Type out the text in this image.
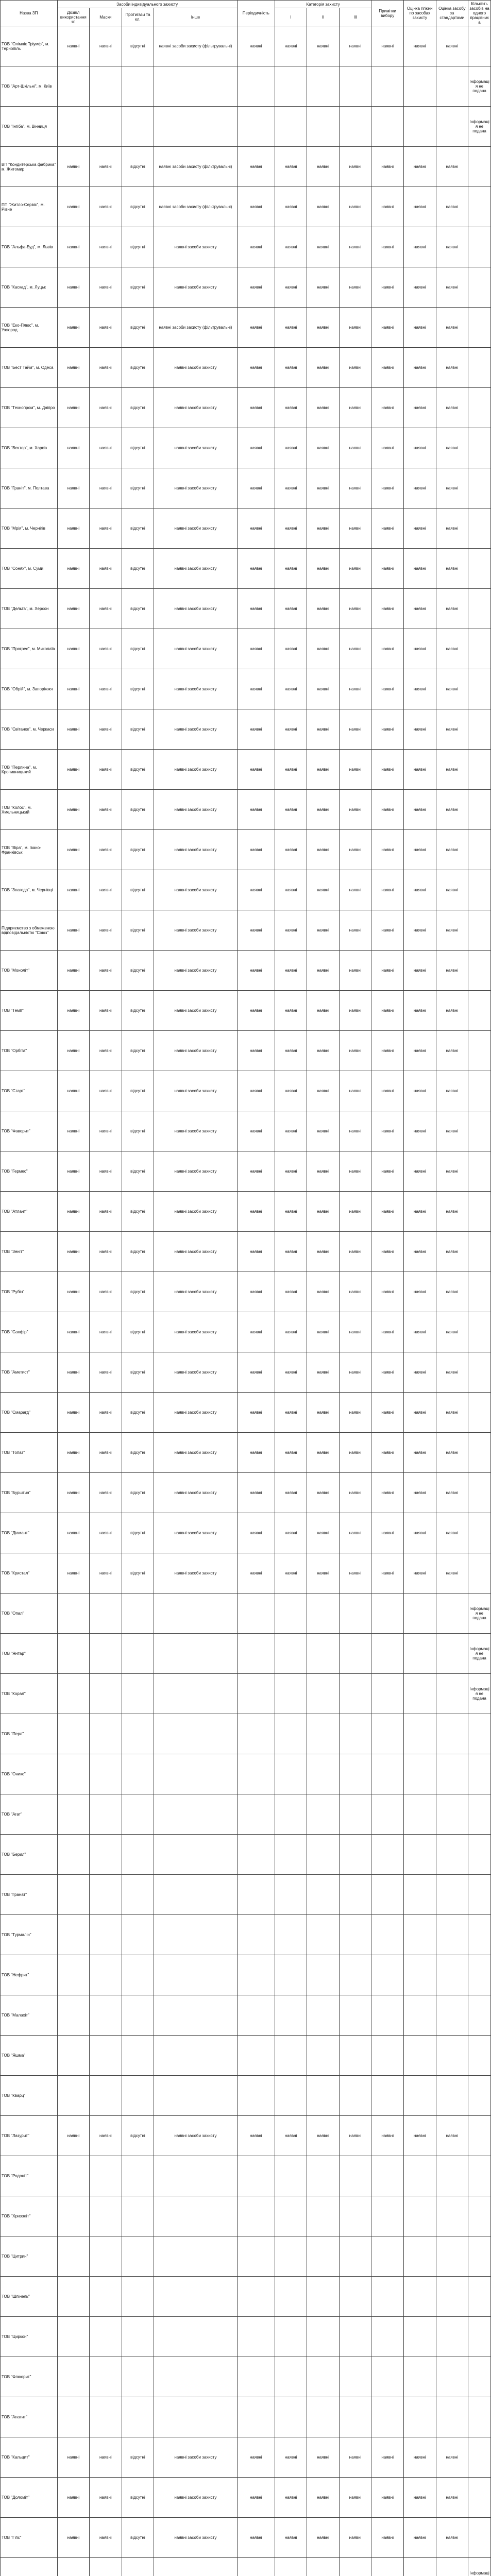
Назва ЗП	Засоби індивідуального захисту				Періодичність	Категорія захисту			Примітки вибору	Оцінка гігієни по засобах захисту	Оцінка засобу за стандартами	Кількість засобів на одного працівника
	Дозвіл використання зп	Маски	Протигази та кл.	Інше		І	II	III				
ТОВ "Олімпік Тріумф", м. Тернопіль	наявні	наявні	відсутні	наявні засоби захисту (фільтрувальні)	наявні	наявні	наявні	наявні	наявні	наявні	наявні	
ТОВ "Арт-Шкільні", м. Київ												Інформація не подана
ТОВ "Інгіба", м. Вінниця												Інформація не подана
ВП "Кондитерська фабрика" м. Житомир	наявні	наявні	відсутні	наявні засоби захисту (фільтрувальні)	наявні	наявні	наявні	наявні	наявні	наявні	наявні	
ПП "Житло-Сервіс", м. Рівне	наявні	наявні	відсутні	наявні засоби захисту (фільтрувальні)	наявні	наявні	наявні	наявні	наявні	наявні	наявні	
ТОВ "Альфа-Буд", м. Львів	наявні	наявні	відсутні	наявні засоби захисту	наявні	наявні	наявні	наявні	наявні	наявні	наявні	
ТОВ "Каскад", м. Луцьк	наявні	наявні	відсутні	наявні засоби захисту	наявні	наявні	наявні	наявні	наявні	наявні	наявні	
ТОВ "Еко-Плюс", м. Ужгород	наявні	наявні	відсутні	наявні засоби захисту (фільтрувальні)	наявні	наявні	наявні	наявні	наявні	наявні	наявні	
ТОВ "Бест Тайм", м. Одеса	наявні	наявні	відсутні	наявні засоби захисту	наявні	наявні	наявні	наявні	наявні	наявні	наявні	
ТОВ "Технопром", м. Дніпро	наявні	наявні	відсутні	наявні засоби захисту	наявні	наявні	наявні	наявні	наявні	наявні	наявні	
ТОВ "Вектор", м. Харків	наявні	наявні	відсутні	наявні засоби захисту	наявні	наявні	наявні	наявні	наявні	наявні	наявні	
ТОВ "Граніт", м. Полтава	наявні	наявні	відсутні	наявні засоби захисту	наявні	наявні	наявні	наявні	наявні	наявні	наявні	
ТОВ "Мрія", м. Чернігів	наявні	наявні	відсутні	наявні засоби захисту	наявні	наявні	наявні	наявні	наявні	наявні	наявні	
ТОВ "Сонях", м. Суми	наявні	наявні	відсутні	наявні засоби захисту	наявні	наявні	наявні	наявні	наявні	наявні	наявні	
ТОВ "Дельта", м. Херсон	наявні	наявні	відсутні	наявні засоби захисту	наявні	наявні	наявні	наявні	наявні	наявні	наявні	
ТОВ "Прогрес", м. Миколаїв	наявні	наявні	відсутні	наявні засоби захисту	наявні	наявні	наявні	наявні	наявні	наявні	наявні	
ТОВ "Обрій", м. Запоріжжя	наявні	наявні	відсутні	наявні засоби захисту	наявні	наявні	наявні	наявні	наявні	наявні	наявні	
ТОВ "Світанок", м. Черкаси	наявні	наявні	відсутні	наявні засоби захисту	наявні	наявні	наявні	наявні	наявні	наявні	наявні	
ТОВ "Перлина", м. Кропивницький	наявні	наявні	відсутні	наявні засоби захисту	наявні	наявні	наявні	наявні	наявні	наявні	наявні	
ТОВ "Колос", м. Хмельницький	наявні	наявні	відсутні	наявні засоби захисту	наявні	наявні	наявні	наявні	наявні	наявні	наявні	
ТОВ "Віра", м. Івано-Франківськ	наявні	наявні	відсутні	наявні засоби захисту	наявні	наявні	наявні	наявні	наявні	наявні	наявні	
ТОВ "Злагода", м. Чернівці	наявні	наявні	відсутні	наявні засоби захисту	наявні	наявні	наявні	наявні	наявні	наявні	наявні	
Підприємство з обмеженою відповідальністю "Союз"	наявні	наявні	відсутні	наявні засоби захисту	наявні	наявні	наявні	наявні	наявні	наявні	наявні	
ТОВ "Моноліт"	наявні	наявні	відсутні	наявні засоби захисту	наявні	наявні	наявні	наявні	наявні	наявні	наявні	
ТОВ "Темп"	наявні	наявні	відсутні	наявні засоби захисту	наявні	наявні	наявні	наявні	наявні	наявні	наявні	
ТОВ "Орбіта"	наявні	наявні	відсутні	наявні засоби захисту	наявні	наявні	наявні	наявні	наявні	наявні	наявні	
ТОВ "Старт"	наявні	наявні	відсутні	наявні засоби захисту	наявні	наявні	наявні	наявні	наявні	наявні	наявні	
ТОВ "Фаворит"	наявні	наявні	відсутні	наявні засоби захисту	наявні	наявні	наявні	наявні	наявні	наявні	наявні	
ТОВ "Гермес"	наявні	наявні	відсутні	наявні засоби захисту	наявні	наявні	наявні	наявні	наявні	наявні	наявні	
ТОВ "Атлант"	наявні	наявні	відсутні	наявні засоби захисту	наявні	наявні	наявні	наявні	наявні	наявні	наявні	
ТОВ "Зеніт"	наявні	наявні	відсутні	наявні засоби захисту	наявні	наявні	наявні	наявні	наявні	наявні	наявні	
ТОВ "Рубін"	наявні	наявні	відсутні	наявні засоби захисту	наявні	наявні	наявні	наявні	наявні	наявні	наявні	
ТОВ "Сапфір"	наявні	наявні	відсутні	наявні засоби захисту	наявні	наявні	наявні	наявні	наявні	наявні	наявні	
ТОВ "Аметист"	наявні	наявні	відсутні	наявні засоби захисту	наявні	наявні	наявні	наявні	наявні	наявні	наявні	
ТОВ "Смарагд"	наявні	наявні	відсутні	наявні засоби захисту	наявні	наявні	наявні	наявні	наявні	наявні	наявні	
ТОВ "Топаз"	наявні	наявні	відсутні	наявні засоби захисту	наявні	наявні	наявні	наявні	наявні	наявні	наявні	
ТОВ "Бурштин"	наявні	наявні	відсутні	наявні засоби захисту	наявні	наявні	наявні	наявні	наявні	наявні	наявні	
ТОВ "Діамант"	наявні	наявні	відсутні	наявні засоби захисту	наявні	наявні	наявні	наявні	наявні	наявні	наявні	
ТОВ "Кристал"	наявні	наявні	відсутні	наявні засоби захисту	наявні	наявні	наявні	наявні	наявні	наявні	наявні	
ТОВ "Опал"												Інформація не подана
ТОВ "Янтар"												Інформація не подана
ТОВ "Корал"												Інформація не подана
ТОВ "Перл"												
ТОВ "Оникс"												
ТОВ "Агат"												
ТОВ "Берил"												
ТОВ "Гранат"												
ТОВ "Турмалін"												
ТОВ "Нефрит"												
ТОВ "Малахіт"												
ТОВ "Яшма"												
ТОВ "Кварц"												
ТОВ "Лазурит"	наявні	наявні	відсутні	наявні засоби захисту	наявні	наявні	наявні	наявні	наявні	наявні	наявні	
ТОВ "Родоніт"												
ТОВ "Хризоліт"												
ТОВ "Цитрин"												
ТОВ "Шпінель"												
ТОВ "Циркон"												
ТОВ "Флюорит"												
ТОВ "Апатит"												
ТОВ "Кальцит"	наявні	наявні	відсутні	наявні засоби захисту	наявні	наявні	наявні	наявні	наявні	наявні	наявні	
ТОВ "Доломіт"	наявні	наявні	відсутні	наявні засоби захисту	наявні	наявні	наявні	наявні	наявні	наявні	наявні	
ТОВ "Гіпс"	наявні	наявні	відсутні	наявні засоби захисту	наявні	наявні	наявні	наявні	наявні	наявні	наявні	
												Інформаці
